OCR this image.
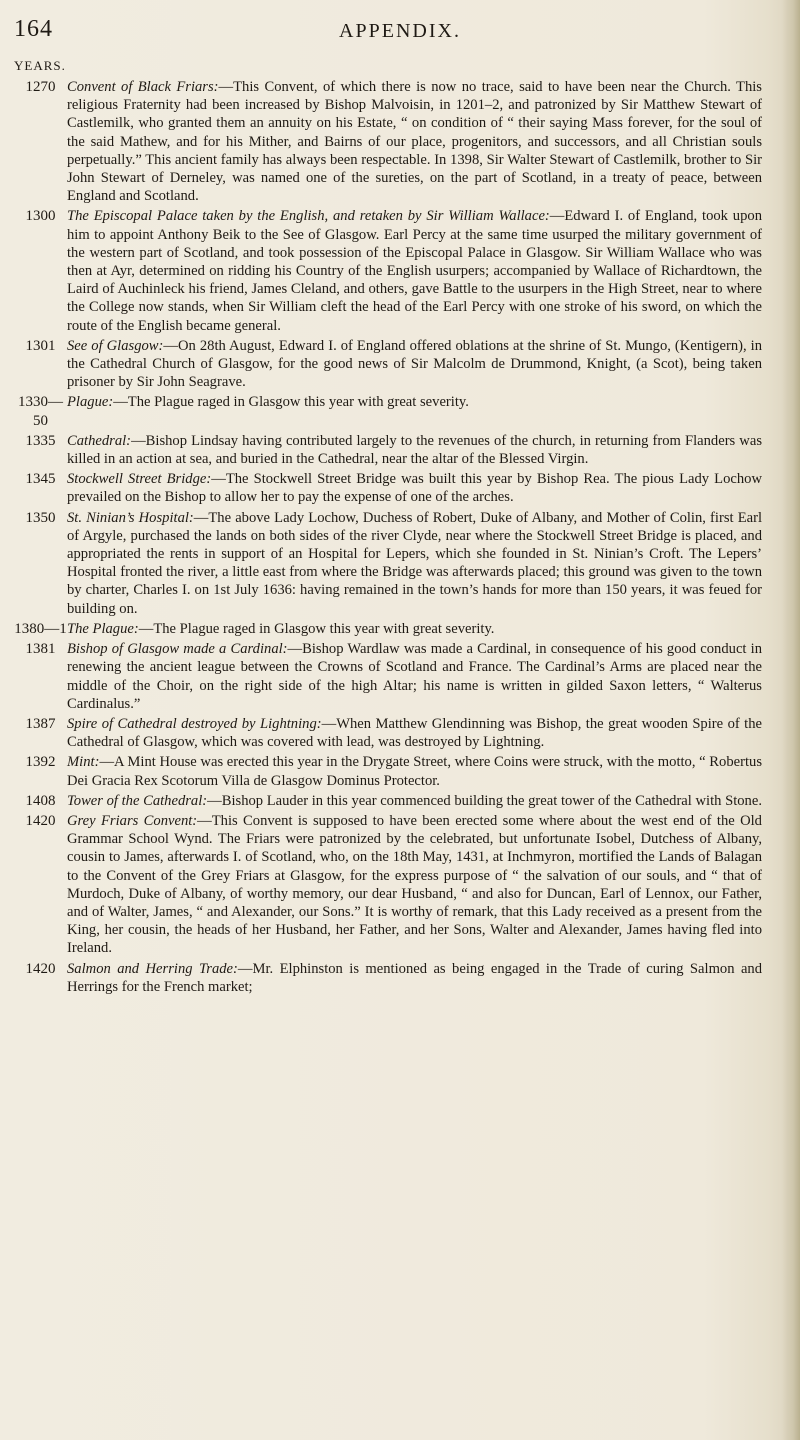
164	APPENDIX.
YEARS.
1270 Convent of Black Friars:—This Convent, of which there is now no trace, said to have been near the Church. This religious Fraternity had been increased by Bishop Malvoisin, in 1201–2, and patronized by Sir Matthew Stewart of Castlemilk, who granted them an annuity on his Estate, “ on condition of “ their saying Mass forever, for the soul of the said Mathew, and for his Mither, and Bairns of our place, progenitors, and successors, and all Christian souls perpetually.” This ancient family has always been respectable. In 1398, Sir Walter Stewart of Castlemilk, brother to Sir John Stewart of Derneley, was named one of the sureties, on the part of Scotland, in a treaty of peace, between England and Scotland.
1300 The Episcopal Palace taken by the English, and retaken by Sir William Wallace:—Edward I. of England, took upon him to appoint Anthony Beik to the See of Glasgow. Earl Percy at the same time usurped the military government of the western part of Scotland, and took possession of the Episcopal Palace in Glasgow. Sir William Wallace who was then at Ayr, determined on ridding his Country of the English usurpers; accompanied by Wallace of Richardtown, the Laird of Auchinleck his friend, James Cleland, and others, gave Battle to the usurpers in the High Street, near to where the College now stands, when Sir William cleft the head of the Earl Percy with one stroke of his sword, on which the route of the English became general.
1301 See of Glasgow:—On 28th August, Edward I. of England offered oblations at the shrine of St. Mungo, (Kentigern), in the Cathedral Church of Glasgow, for the good news of Sir Malcolm de Drummond, Knight, (a Scot), being taken prisoner by Sir John Seagrave.
1330—50
Plague:—The Plague raged in Glasgow this year with great severity.
1335 Cathedral:—Bishop Lindsay having contributed largely to the revenues of the church, in returning from Flanders was killed in an action at sea, and buried in the Cathedral, near the altar of the Blessed Virgin.
1345 Stockwell Street Bridge:—The Stockwell Street Bridge was built this year by Bishop Rea. The pious Lady Lochow prevailed on the Bishop to allow her to pay the expense of one of the arches.
1350 St. Ninian’s Hospital:—The above Lady Lochow, Duchess of Robert, Duke of Albany, and Mother of Colin, first Earl of Argyle, purchased the lands on both sides of the river Clyde, near where the Stockwell Street Bridge is placed, and appropriated the rents in support of an Hospital for Lepers, which she founded in St. Ninian’s Croft. The Lepers’ Hospital fronted the river, a little east from where the Bridge was afterwards placed; this ground was given to the town by charter, Charles I. on 1st July 1636: having remained in the town’s hands for more than 150 years, it was feued for building on.
1380—1 The Plague:—The Plague raged in Glasgow this year with great severity.
1381 Bishop of Glasgow made a Cardinal:—Bishop Wardlaw was made a Cardinal, in consequence of his good conduct in renewing the ancient league between the Crowns of Scotland and France. The Cardinal’s Arms are placed near the middle of the Choir, on the right side of the high Altar; his name is written in gilded Saxon letters, “ Walterus Cardinalus.”
1387 Spire of Cathedral destroyed by Lightning:—When Matthew Glendinning was Bishop, the great wooden Spire of the Cathedral of Glasgow, which was covered with lead, was destroyed by Lightning.
1392 Mint:—A Mint House was erected this year in the Drygate Street, where Coins were struck, with the motto, “ Robertus Dei Gracia Rex Scotorum Villa de Glasgow Dominus Protector.
1408 Tower of the Cathedral:—Bishop Lauder in this year commenced building the great tower of the Cathedral with Stone.
1420 Grey Friars Convent:—This Convent is supposed to have been erected some where about the west end of the Old Grammar School Wynd. The Friars were patronized by the celebrated, but unfortunate Isobel, Dutchess of Albany, cousin to James, afterwards I. of Scotland, who, on the 18th May, 1431, at Inchmyron, mortified the Lands of Balagan to the Convent of the Grey Friars at Glasgow, for the express purpose of “ the salvation of our souls, and “ that of Murdoch, Duke of Albany, of worthy memory, our dear Husband, “ and also for Duncan, Earl of Lennox, our Father, and of Walter, James, “ and Alexander, our Sons.” It is worthy of remark, that this Lady received as a present from the King, her cousin, the heads of her Husband, her Father, and her Sons, Walter and Alexander, James having fled into Ireland.
1420 Salmon and Herring Trade:—Mr. Elphinston is mentioned as being engaged in the Trade of curing Salmon and Herrings for the French market;
